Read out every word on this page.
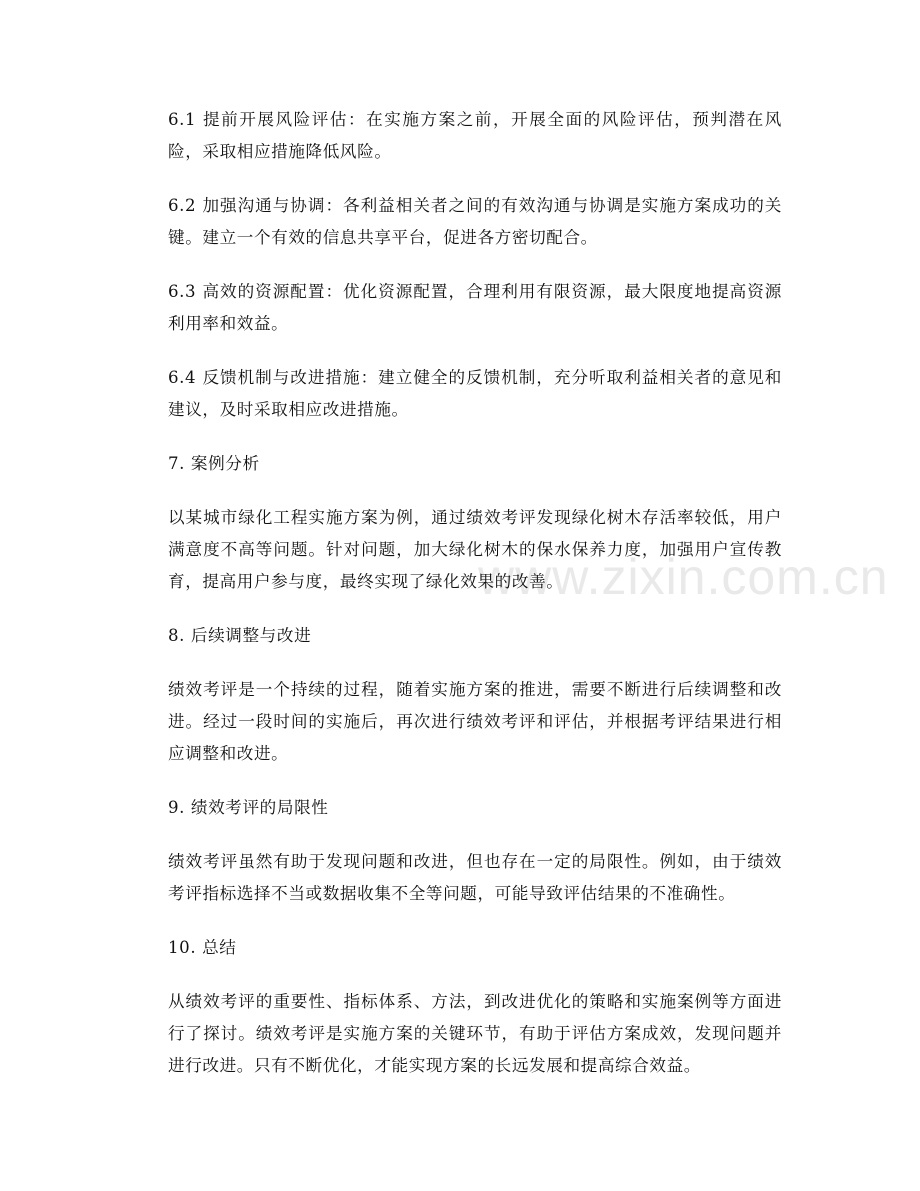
www.zixin.com.cn

6.1 提前开展风险评估：在实施方案之前，开展全面的风险评估，预判潜在风险，采取相应措施降低风险。

6.2 加强沟通与协调：各利益相关者之间的有效沟通与协调是实施方案成功的关键。建立一个有效的信息共享平台，促进各方密切配合。

6.3 高效的资源配置：优化资源配置，合理利用有限资源，最大限度地提高资源利用率和效益。

6.4 反馈机制与改进措施：建立健全的反馈机制，充分听取利益相关者的意见和建议，及时采取相应改进措施。

7. 案例分析

以某城市绿化工程实施方案为例，通过绩效考评发现绿化树木存活率较低，用户满意度不高等问题。针对问题，加大绿化树木的保水保养力度，加强用户宣传教育，提高用户参与度，最终实现了绿化效果的改善。

8. 后续调整与改进

绩效考评是一个持续的过程，随着实施方案的推进，需要不断进行后续调整和改进。经过一段时间的实施后，再次进行绩效考评和评估，并根据考评结果进行相应调整和改进。

9. 绩效考评的局限性

绩效考评虽然有助于发现问题和改进，但也存在一定的局限性。例如，由于绩效考评指标选择不当或数据收集不全等问题，可能导致评估结果的不准确性。

10. 总结

从绩效考评的重要性、指标体系、方法，到改进优化的策略和实施案例等方面进行了探讨。绩效考评是实施方案的关键环节，有助于评估方案成效，发现问题并进行改进。只有不断优化，才能实现方案的长远发展和提高综合效益。
